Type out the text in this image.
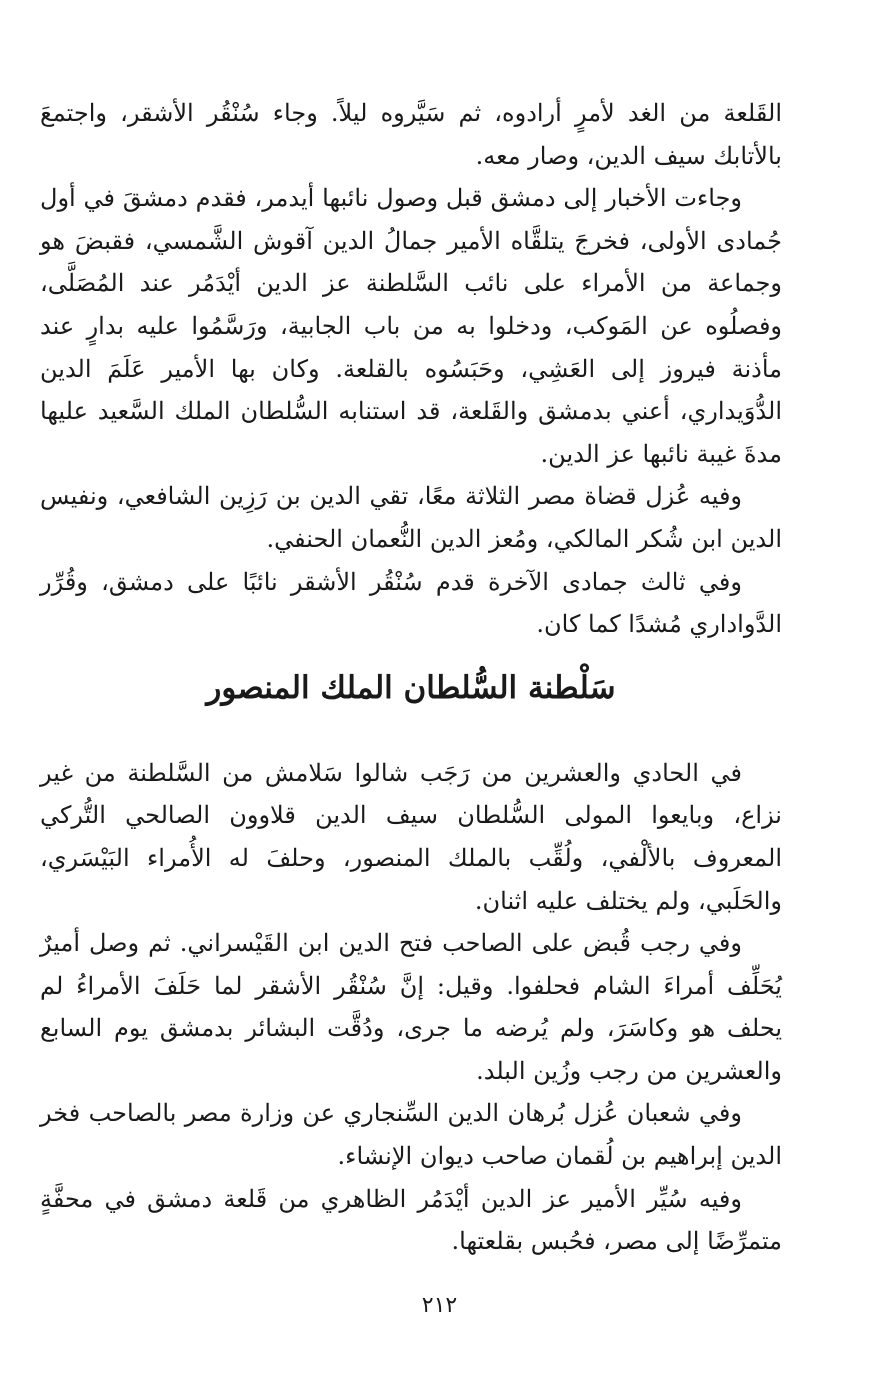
القَلعة من الغد لأمرٍ أرادوه، ثم سَيَّروه ليلاً. وجاء سُنْقُر الأشقر، واجتمعَ بالأتابك سيف الدين، وصار معه.

وجاءت الأخبار إلى دمشق قبل وصول نائبها أيدمر، فقدم دمشقَ في أول جُمادى الأولى، فخرجَ يتلقَّاه الأمير جمالُ الدين آقوش الشَّمسي، فقبضَ هو وجماعة من الأمراء على نائب السَّلطنة عز الدين أيْدَمُر عند المُصَلَّى، وفصلُوه عن المَوكب، ودخلوا به من باب الجابية، ورَسَّمُوا عليه بدارٍ عند مأذنة فيروز إلى العَشِي، وحَبَسُوه بالقلعة. وكان بها الأمير عَلَمَ الدين الدُّوَيداري، أعني بدمشق والقَلعة، قد استنابه السُّلطان الملك السَّعيد عليها مدةَ غيبة نائبها عز الدين.

وفيه عُزل قضاة مصر الثلاثة معًا، تقي الدين بن رَزِين الشافعي، ونفيس الدين ابن شُكر المالكي، ومُعز الدين النُّعمان الحنفي.

وفي ثالث جمادى الآخرة قدم سُنْقُر الأشقر نائبًا على دمشق، وقُرِّر الدَّواداري مُشدًا كما كان.

سَلْطنة السُّلطان الملك المنصور

في الحادي والعشرين من رَجَب شالوا سَلامش من السَّلطنة من غير نزاع، وبايعوا المولى السُّلطان سيف الدين قلاوون الصالحي التُّركي المعروف بالألْفي، ولُقِّب بالملك المنصور، وحلفَ له الأُمراء البَيْسَري، والحَلَبي، ولم يختلف عليه اثنان.

وفي رجب قُبض على الصاحب فتح الدين ابن القَيْسراني. ثم وصل أميرٌ يُحَلِّف أمراءَ الشام فحلفوا. وقيل: إنَّ سُنْقُر الأشقر لما حَلَفَ الأمراءُ لم يحلف هو وكاسَرَ، ولم يُرضه ما جرى، ودُقَّت البشائر بدمشق يوم السابع والعشرين من رجب وزُين البلد.

وفي شعبان عُزل بُرهان الدين السِّنجاري عن وزارة مصر بالصاحب فخر الدين إبراهيم بن لُقمان صاحب ديوان الإنشاء.

وفيه سُيِّر الأمير عز الدين أيْدَمُر الظاهري من قَلعة دمشق في محفَّةٍ متمرِّضًا إلى مصر، فحُبس بقلعتها.

٢١٢
